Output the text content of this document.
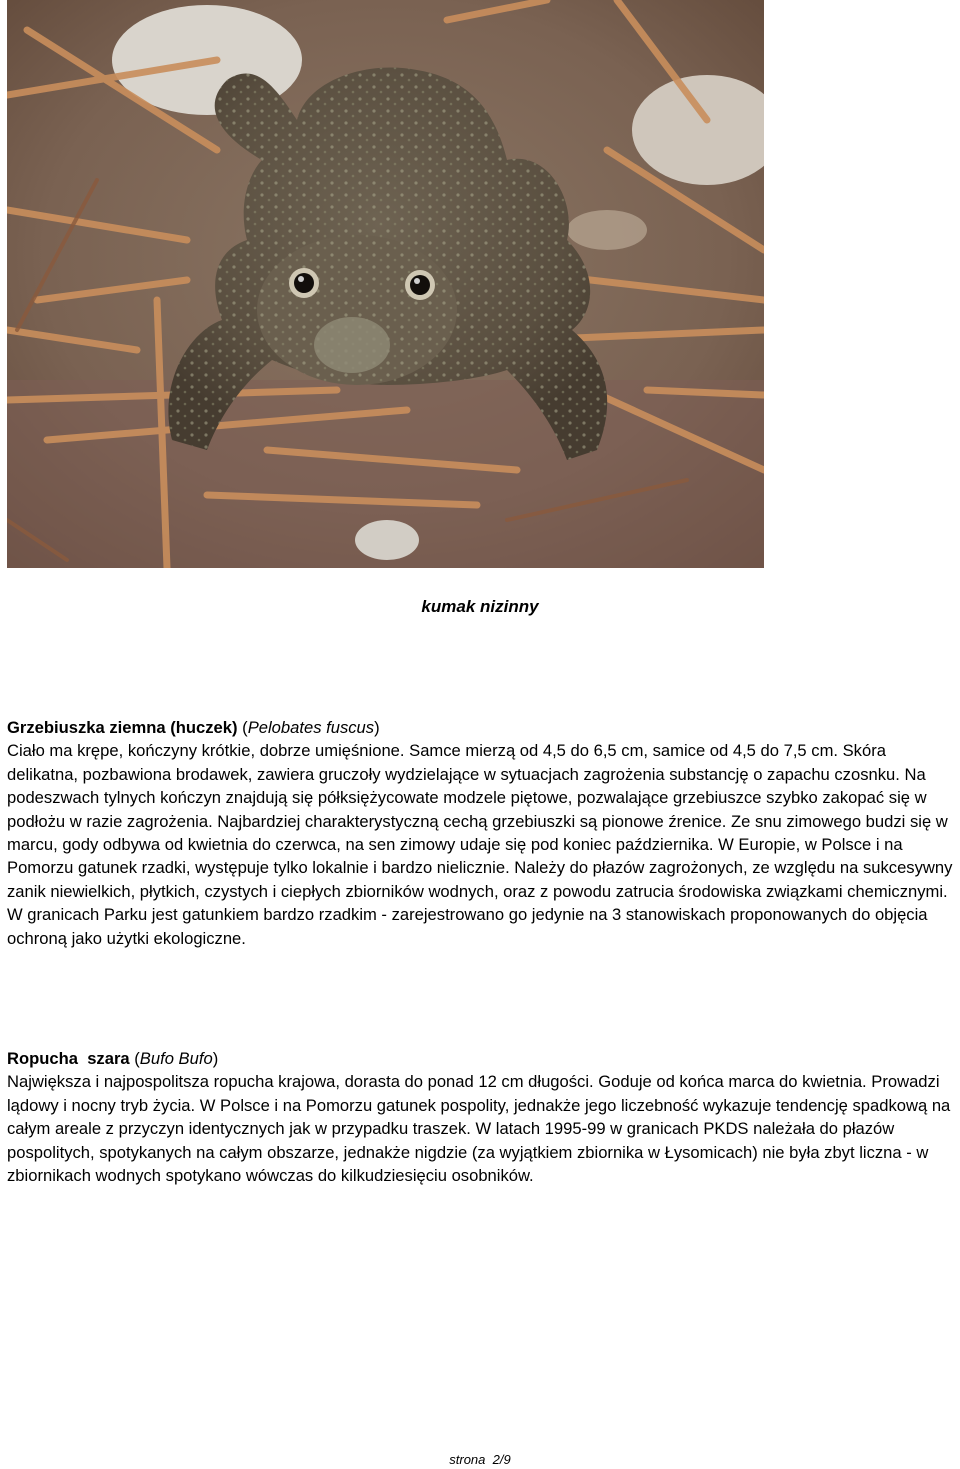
kumak nizinny

Grzebiuszka ziemna (huczek) (Pelobates fuscus)

Ciało ma krępe, kończyny krótkie, dobrze umięśnione. Samce mierzą od 4,5 do 6,5 cm, samice od 4,5 do 7,5 cm. Skóra delikatna, pozbawiona brodawek, zawiera gruczoły wydzielające w sytuacjach zagrożenia substancję o zapachu czosnku. Na podeszwach tylnych kończyn znajdują się półksiężycowate modzele piętowe, pozwalające grzebiuszce szybko zakopać się w podłożu w razie zagrożenia. Najbardziej charakterystyczną cechą grzebiuszki są pionowe źrenice. Ze snu zimowego budzi się w marcu, gody odbywa od kwietnia do czerwca, na sen zimowy udaje się pod koniec października. W Europie, w Polsce i na Pomorzu gatunek rzadki, występuje tylko lokalnie i bardzo nielicznie. Należy do płazów zagrożonych, ze względu na sukcesywny zanik niewielkich, płytkich, czystych i ciepłych zbiorników wodnych, oraz z powodu zatrucia środowiska związkami chemicznymi. W granicach Parku jest gatunkiem bardzo rzadkim - zarejestrowano go jedynie na 3 stanowiskach proponowanych do objęcia ochroną jako użytki ekologiczne.

Ropucha  szara (Bufo Bufo)

Największa i najpospolitsza ropucha krajowa, dorasta do ponad 12 cm długości. Goduje od końca marca do kwietnia. Prowadzi lądowy i nocny tryb życia. W Polsce i na Pomorzu gatunek pospolity, jednakże jego liczebność wykazuje tendencję spadkową na całym areale z przyczyn identycznych jak w przypadku traszek. W latach 1995-99 w granicach PKDS należała do płazów pospolitych, spotykanych na całym obszarze, jednakże nigdzie (za wyjątkiem zbiornika w Łysomicach) nie była zbyt liczna - w zbiornikach wodnych spotykano wówczas do kilkudziesięciu osobników.

strona 2/9
